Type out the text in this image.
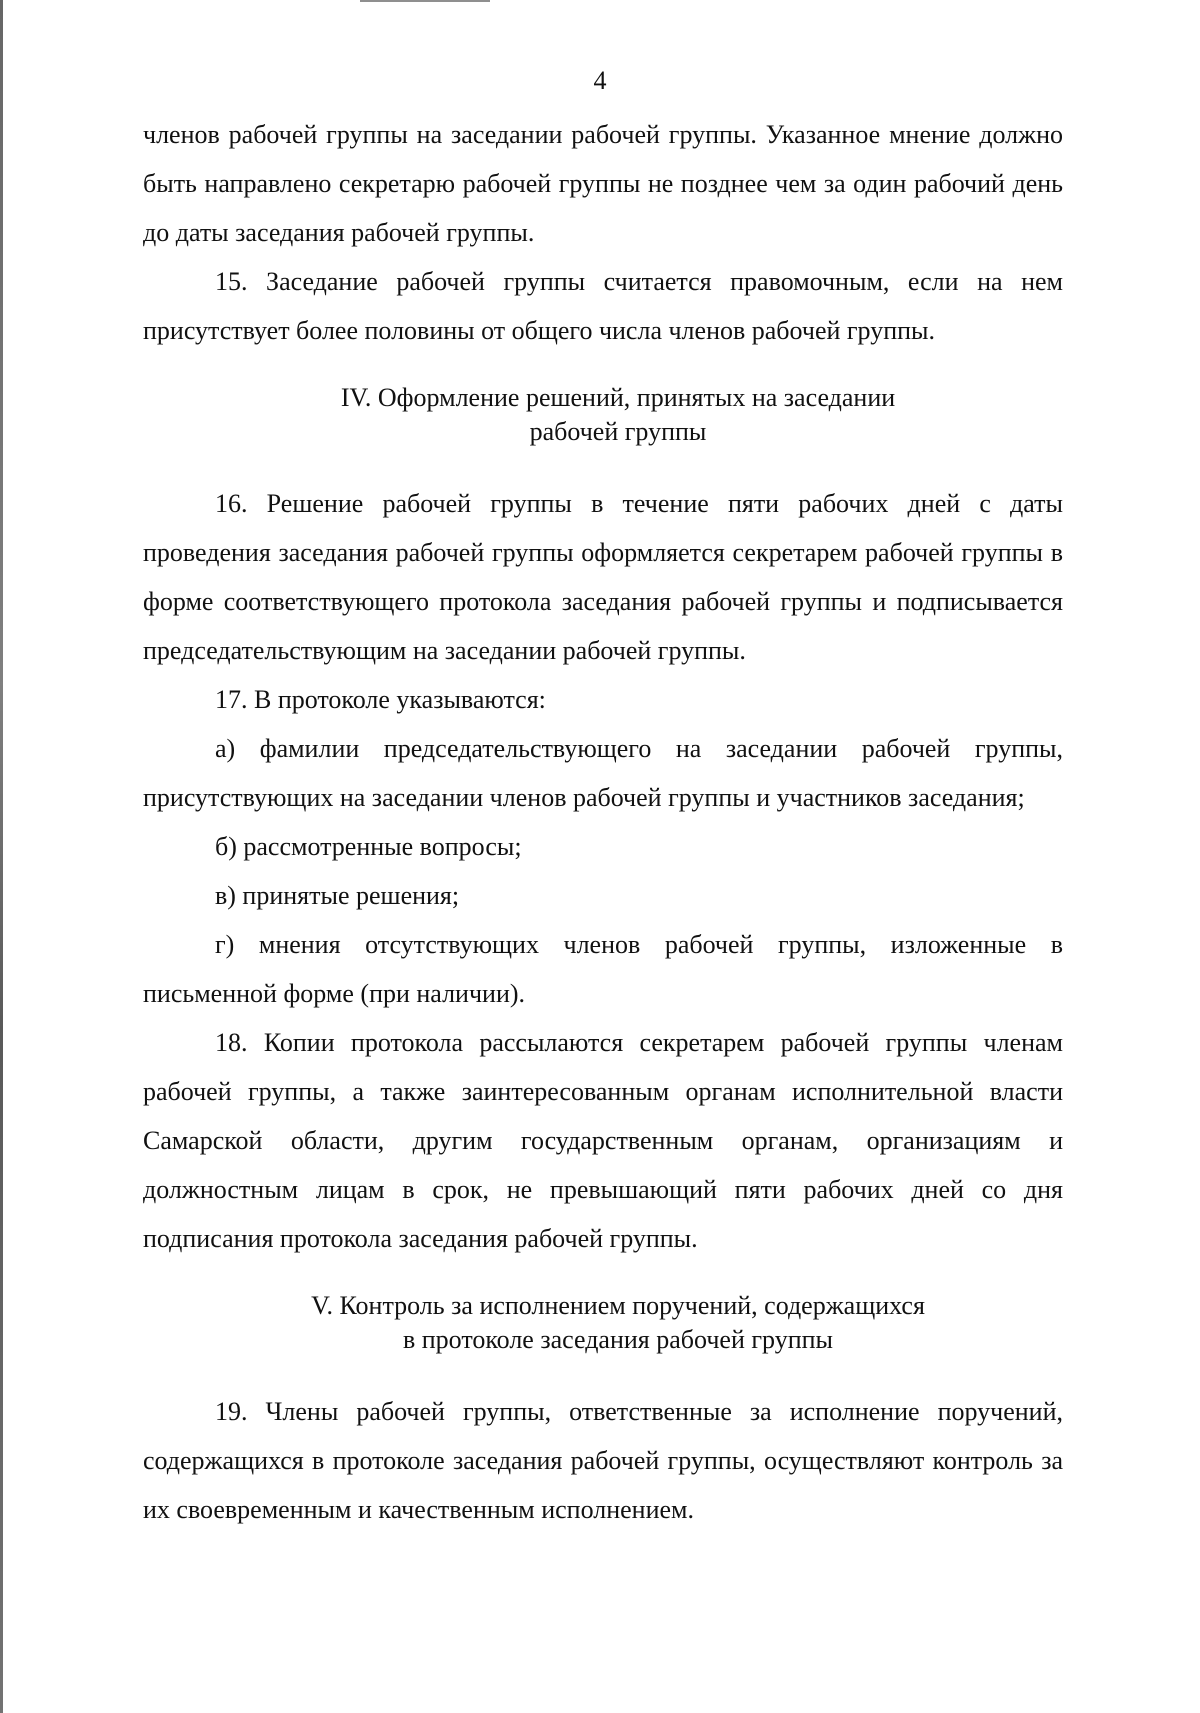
4

членов рабочей группы на заседании рабочей группы. Указанное мнение должно быть направлено секретарю рабочей группы не позднее чем за один рабочий день до даты заседания рабочей группы.

15. Заседание рабочей группы считается правомочным, если на нем присутствует более половины от общего числа членов рабочей группы.

IV. Оформление решений, принятых на заседании
рабочей группы

16. Решение рабочей группы в течение пяти рабочих дней с даты проведения заседания рабочей группы оформляется секретарем рабочей группы в форме соответствующего протокола заседания рабочей группы и подписывается председательствующим на заседании рабочей группы.

17. В протоколе указываются:

а) фамилии председательствующего на заседании рабочей группы, присутствующих на заседании членов рабочей группы и участников заседания;

б) рассмотренные вопросы;

в) принятые решения;

г) мнения отсутствующих членов рабочей группы, изложенные в письменной форме (при наличии).

18. Копии протокола рассылаются секретарем рабочей группы членам рабочей группы, а также заинтересованным органам исполнительной власти Самарской области, другим государственным органам, организациям и должностным лицам в срок, не превышающий пяти рабочих дней со дня подписания протокола заседания рабочей группы.

V. Контроль за исполнением поручений, содержащихся
в протоколе заседания рабочей группы

19. Члены рабочей группы, ответственные за исполнение поручений, содержащихся в протоколе заседания рабочей группы, осуществляют контроль за их своевременным и качественным исполнением.
